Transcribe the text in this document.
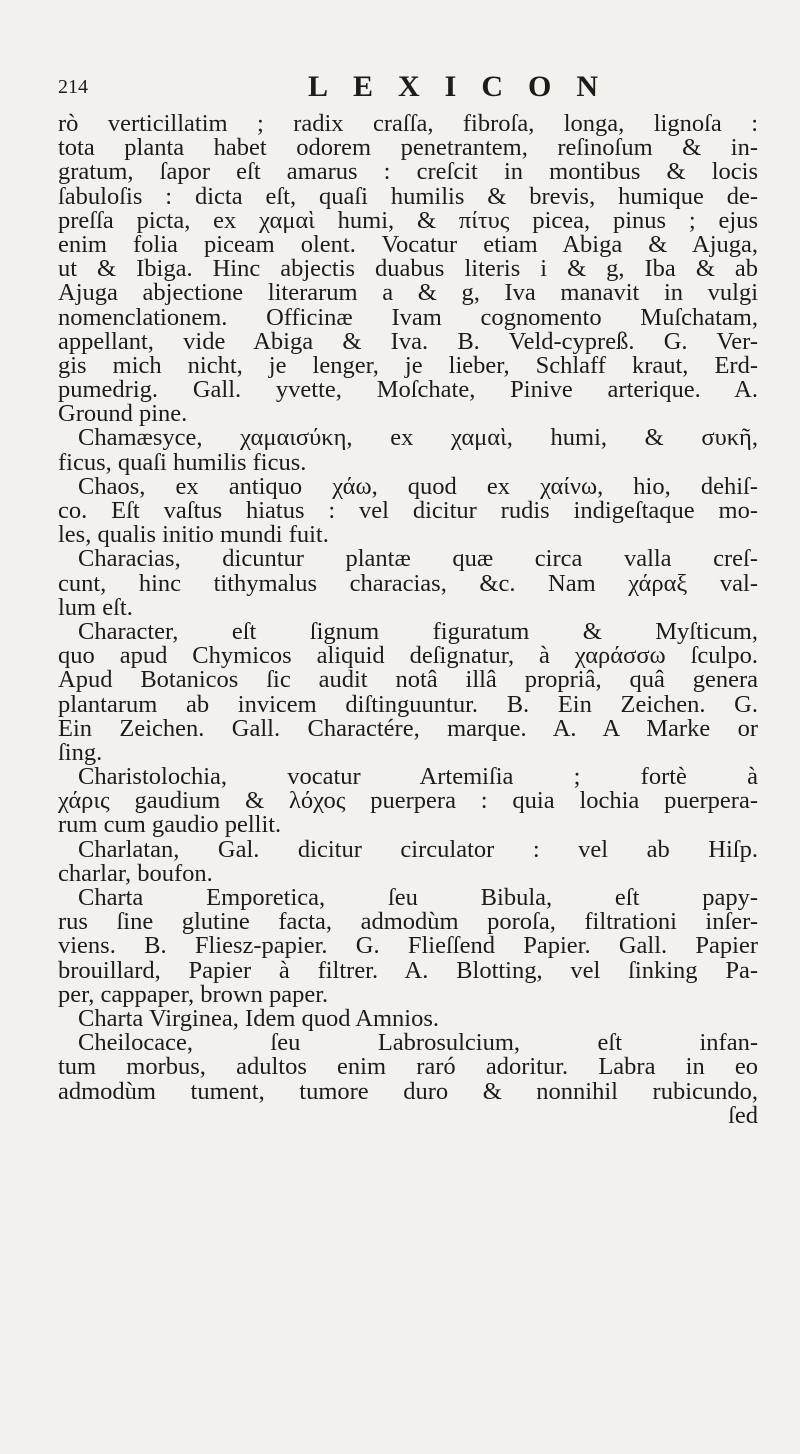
214	LEXICON
rò verticillatim ; radix craſſa, fibroſa, longa, lignoſa :
tota planta habet odorem penetrantem, reſinoſum & in-
gratum, ſapor eſt amarus : creſcit in montibus & locis
ſabuloſis : dicta eſt, quaſi humilis & brevis, humique de-
preſſa picta, ex χαμαὶ humi, & πίτυς picea, pinus ; ejus
enim folia piceam olent. Vocatur etiam Abiga & Ajuga,
ut & Ibiga. Hinc abjectis duabus literis i & g, Iba & ab
Ajuga abjectione literarum a & g, Iva manavit in vulgi
nomenclationem. Officinæ Ivam cognomento Muſchatam,
appellant, vide Abiga & Iva. B. Veld-cypreß. G. Ver-
gis mich nicht, je lenger, je lieber, Schlaff kraut, Erd-
pumedrig. Gall. yvette, Moſchate, Pinive arterique. A.
Ground pine.
Chamæsyce, χαμαισύκη, ex χαμαὶ, humi, & συκῆ,
ficus, quaſi humilis ficus.
Chaos, ex antiquo χάω, quod ex χαίνω, hio, dehiſ-
co. Eſt vaſtus hiatus : vel dicitur rudis indigeſtaque mo-
les, qualis initio mundi fuit.
Characias, dicuntur plantæ quæ circa valla creſ-
cunt, hinc tithymalus characias, &c. Nam χάραξ val-
lum eſt.
Character, eſt ſignum figuratum & Myſticum,
quo apud Chymicos aliquid deſignatur, à χαράσσω ſculpo.
Apud Botanicos ſic audit notâ illâ propriâ, quâ genera
plantarum ab invicem diſtinguuntur. B. Ein Zeichen. G.
Ein Zeichen. Gall. Charactére, marque. A. A Marke or
ſing.
Charistolochia, vocatur Artemiſia ; fortè à
χάρις gaudium & λόχος puerpera : quia lochia puerpera-
rum cum gaudio pellit.
Charlatan, Gal. dicitur circulator : vel ab Hiſp.
charlar, boufon.
Charta Emporetica, ſeu Bibula, eſt papy-
rus ſine glutine facta, admodùm poroſa, filtrationi inſer-
viens. B. Fliesz-papier. G. Flieſſend Papier. Gall. Papier
brouillard, Papier à filtrer. A. Blotting, vel ſinking Pa-
per, cappaper, brown paper.
Charta Virginea, Idem quod Amnios.
Cheilocace, ſeu Labrosulcium, eſt infan-
tum morbus, adultos enim raró adoritur. Labra in eo
admodùm tument, tumore duro & nonnihil rubicundo,
ſed
